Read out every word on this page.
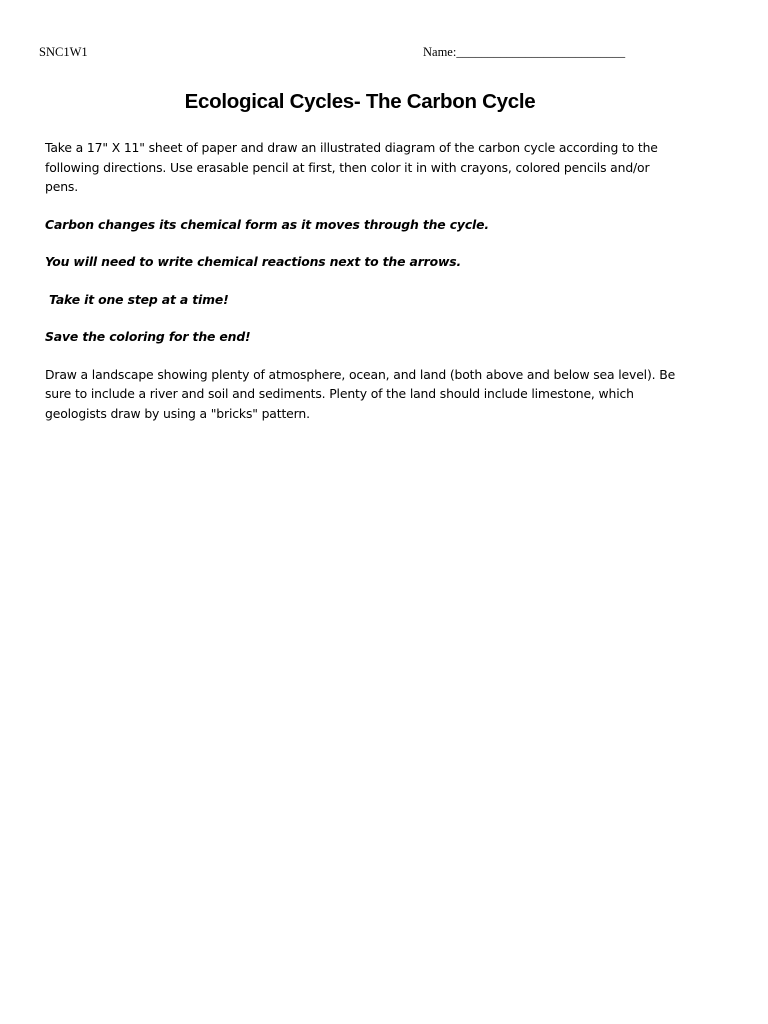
SNC1W1	Name:___________________________
Ecological Cycles- The Carbon Cycle

Take a 17" X 11" sheet of paper and draw an illustrated diagram of the carbon cycle according to the following directions. Use erasable pencil at first, then color it in with crayons, colored pencils and/or pens.

Carbon changes its chemical form as it moves through the cycle.

You will need to write chemical reactions next to the arrows.

Take it one step at a time!

Save the coloring for the end!

Draw a landscape showing plenty of atmosphere, ocean, and land (both above and below sea level). Be sure to include a river and soil and sediments. Plenty of the land should include limestone, which geologists draw by using a "bricks" pattern.
